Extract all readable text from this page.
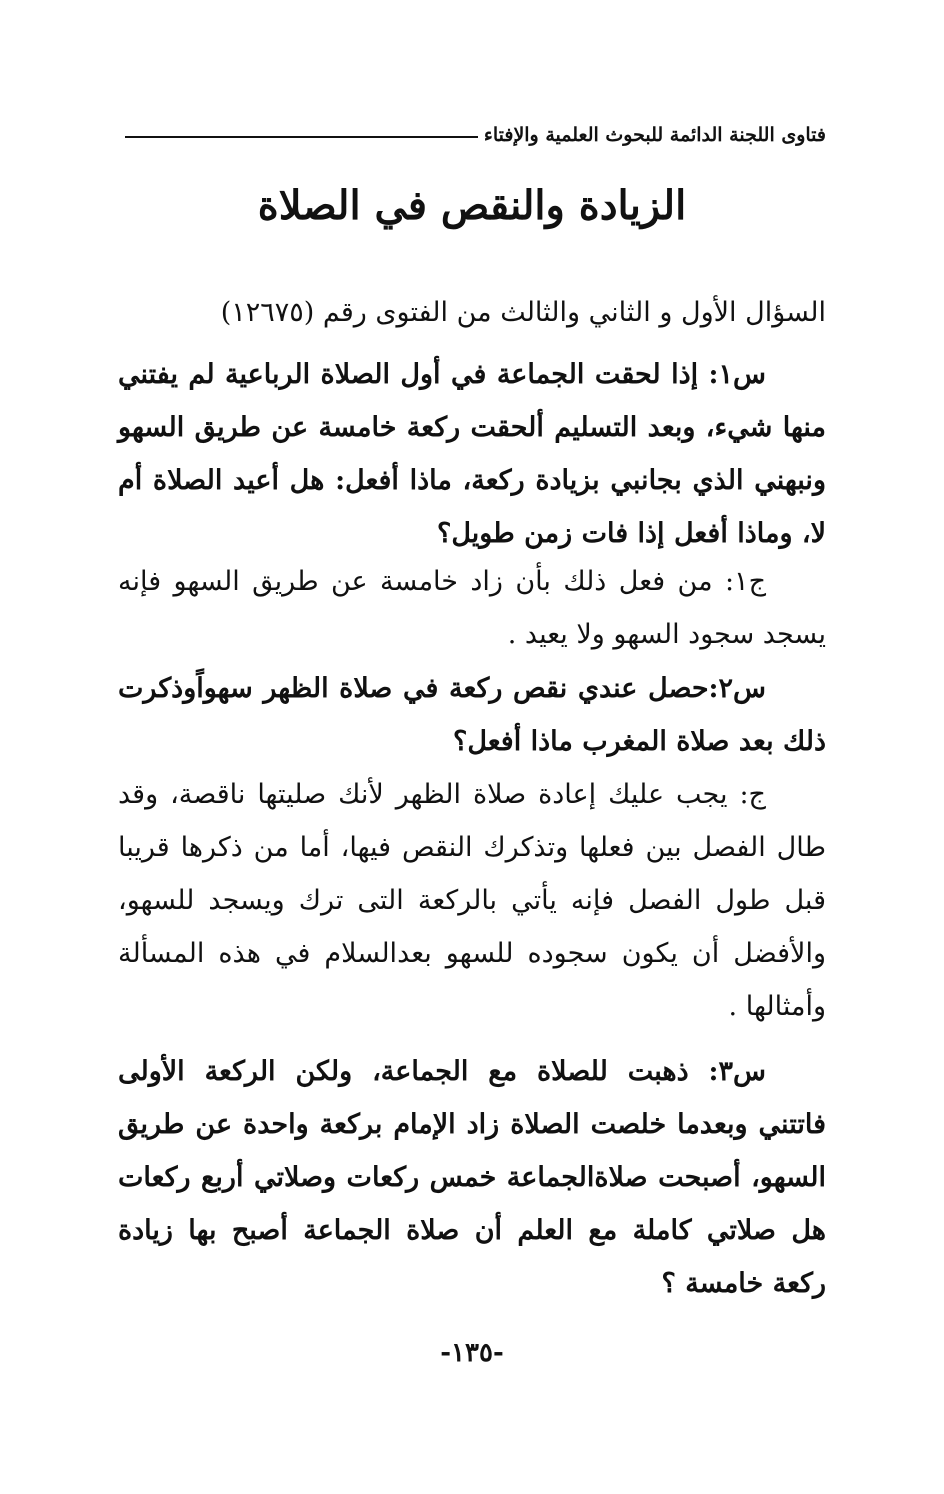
فتاوى اللجنة الدائمة للبحوث العلمية والإفتاء
الزيادة والنقص في الصلاة
السؤال الأول و الثاني والثالث من الفتوى رقم (١٢٦٧٥)
س١: إذا لحقت الجماعة في أول الصلاة الرباعية لم يفتني منها شيء، وبعد التسليم ألحقت ركعة خامسة عن طريق السهو ونبهني الذي بجانبي بزيادة ركعة، ماذا أفعل: هل أعيد الصلاة أم لا، وماذا أفعل إذا فات زمن طويل؟
ج١: من فعل ذلك بأن زاد خامسة عن طريق السهو فإنه يسجد سجود السهو ولا يعيد .
س٢:حصل عندي نقص ركعة في صلاة الظهر سهواًوذكرت ذلك بعد صلاة المغرب ماذا أفعل؟
ج: يجب عليك إعادة صلاة الظهر لأنك صليتها ناقصة، وقد طال الفصل بين فعلها وتذكرك النقص فيها، أما من ذكرها قريبا قبل طول الفصل فإنه يأتي بالركعة التى ترك ويسجد للسهو، والأفضل أن يكون سجوده للسهو بعدالسلام في هذه المسألة وأمثالها .
س٣: ذهبت للصلاة مع الجماعة، ولكن الركعة الأولى فاتتني وبعدما خلصت الصلاة زاد الإمام بركعة واحدة عن طريق السهو، أصبحت صلاةالجماعة خمس ركعات وصلاتي أربع ركعات هل صلاتي كاملة مع العلم أن صلاة الجماعة أصبح بها زيادة ركعة خامسة ؟
-١٣٥-
